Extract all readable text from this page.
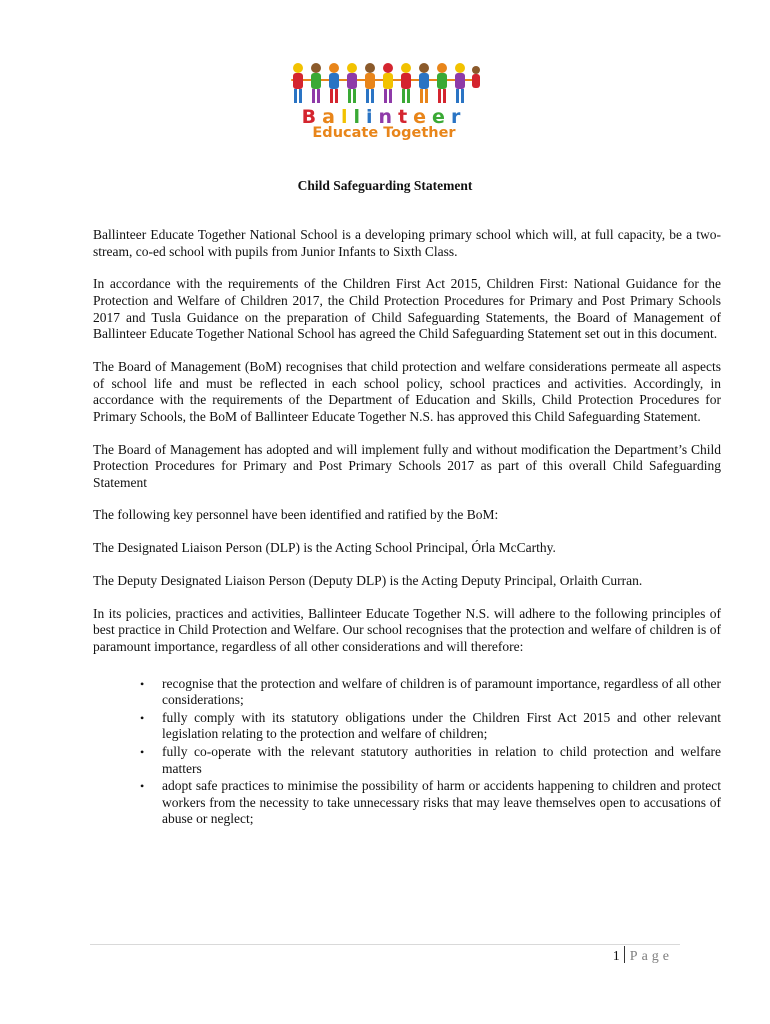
Ballinteer
Educate Together
Child Safeguarding Statement

Ballinteer Educate Together National School is a developing primary school which will, at full capacity, be a two-stream, co-ed school with pupils from Junior Infants to Sixth Class.

In accordance with the requirements of the Children First Act 2015, Children First: National Guidance for the Protection and Welfare of Children 2017, the Child Protection Procedures for Primary and Post Primary Schools 2017 and Tusla Guidance on the preparation of Child Safeguarding Statements, the Board of Management of Ballinteer Educate Together National School has agreed the Child Safeguarding Statement set out in this document.

The Board of Management (BoM) recognises that child protection and welfare considerations permeate all aspects of school life and must be reflected in each school policy, school practices and activities. Accordingly, in accordance with the requirements of the Department of Education and Skills, Child Protection Procedures for Primary Schools, the BoM of Ballinteer Educate Together N.S. has approved this Child Safeguarding Statement.

The Board of Management has adopted and will implement fully and without modification the Department’s Child Protection Procedures for Primary and Post Primary Schools 2017 as part of this overall Child Safeguarding Statement

The following key personnel have been identified and ratified by the BoM:

The Designated Liaison Person (DLP) is the Acting School Principal, Órla McCarthy.

The Deputy Designated Liaison Person (Deputy DLP) is the Acting Deputy Principal, Orlaith Curran.

In its policies, practices and activities, Ballinteer Educate Together N.S. will adhere to the following principles of best practice in Child Protection and Welfare. Our school recognises that the protection and welfare of children is of paramount importance, regardless of all other considerations and will therefore:

• recognise that the protection and welfare of children is of paramount importance, regardless of all other considerations;
• fully comply with its statutory obligations under the Children First Act 2015 and other relevant legislation relating to the protection and welfare of children;
• fully co-operate with the relevant statutory authorities in relation to child protection and welfare matters
• adopt safe practices to minimise the possibility of harm or accidents happening to children and protect workers from the necessity to take unnecessary risks that may leave themselves open to accusations of abuse or neglect;
1 Page
